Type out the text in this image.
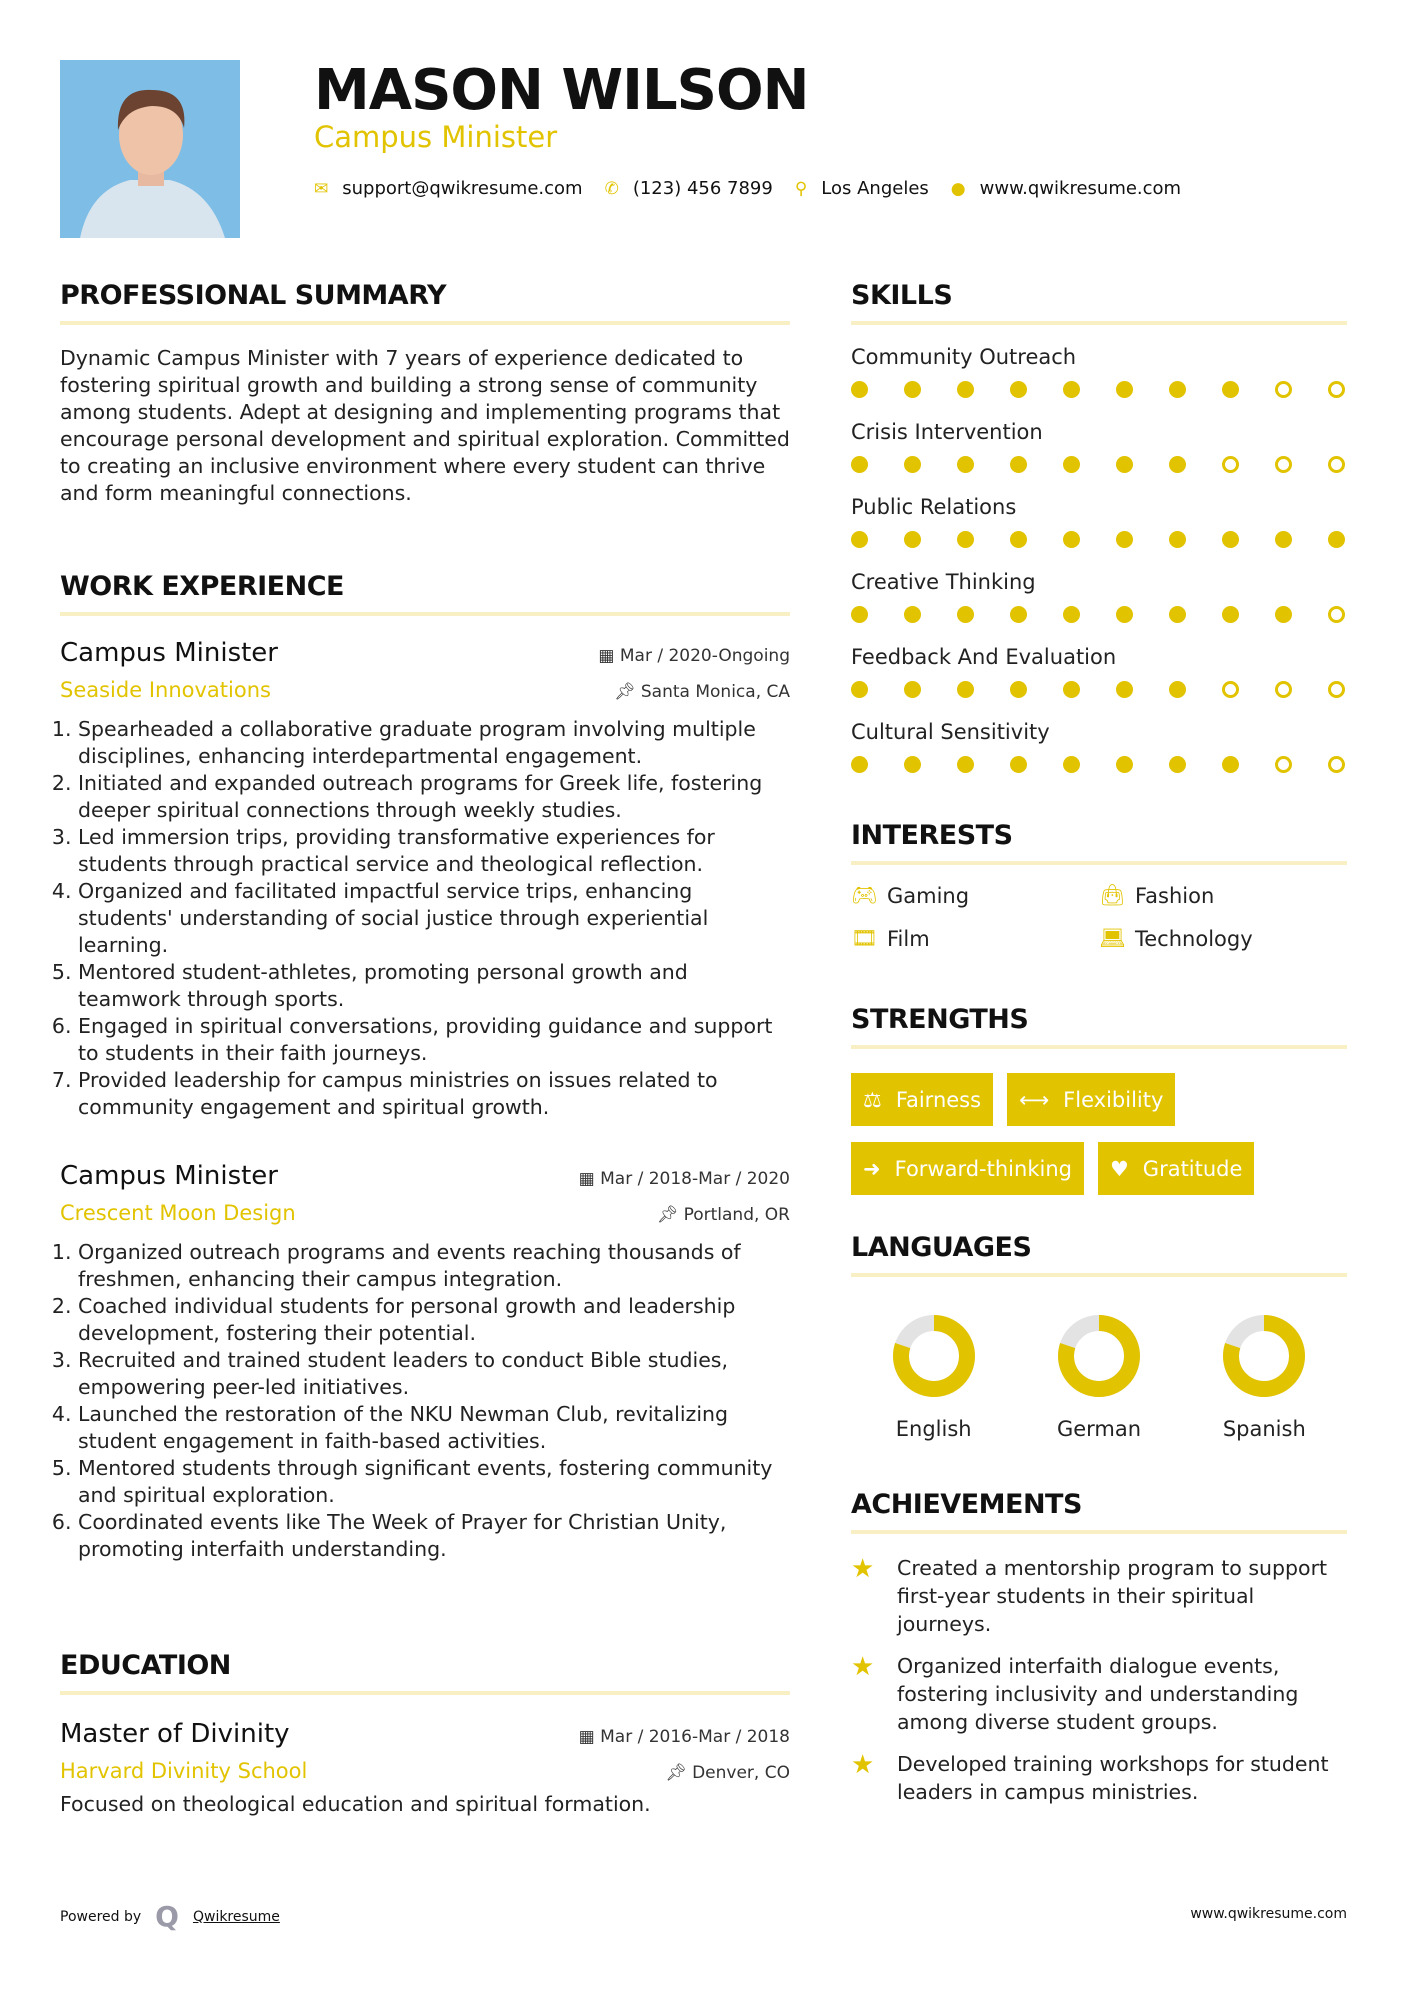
MASON WILSON
Campus Minister
✉ support@qwikresume.com ✆ (123) 456 7899 ⚲ Los Angeles ● www.qwikresume.com
PROFESSIONAL SUMMARY

Dynamic Campus Minister with 7 years of experience dedicated to fostering spiritual growth and building a strong sense of community among students. Adept at designing and implementing programs that encourage personal development and spiritual exploration. Committed to creating an inclusive environment where every student can thrive and form meaningful connections.

WORK EXPERIENCE
Campus Minister	▦ Mar / 2020-Ongoing
Seaside Innovations	📌︎ Santa Monica, CA
1. Spearheaded a collaborative graduate program involving multiple disciplines, enhancing interdepartmental engagement.
2. Initiated and expanded outreach programs for Greek life, fostering deeper spiritual connections through weekly studies.
3. Led immersion trips, providing transformative experiences for students through practical service and theological reflection.
4. Organized and facilitated impactful service trips, enhancing students' understanding of social justice through experiential learning.
5. Mentored student-athletes, promoting personal growth and teamwork through sports.
6. Engaged in spiritual conversations, providing guidance and support to students in their faith journeys.
7. Provided leadership for campus ministries on issues related to community engagement and spiritual growth.
Campus Minister	▦ Mar / 2018-Mar / 2020
Crescent Moon Design	📌︎ Portland, OR
1. Organized outreach programs and events reaching thousands of freshmen, enhancing their campus integration.
2. Coached individual students for personal growth and leadership development, fostering their potential.
3. Recruited and trained student leaders to conduct Bible studies, empowering peer-led initiatives.
4. Launched the restoration of the NKU Newman Club, revitalizing student engagement in faith-based activities.
5. Mentored students through significant events, fostering community and spiritual exploration.
6. Coordinated events like The Week of Prayer for Christian Unity, promoting interfaith understanding.
EDUCATION
Master of Divinity	▦ Mar / 2016-Mar / 2018
Harvard Divinity School	📌︎ Denver, CO

Focused on theological education and spiritual formation.

SKILLS
Community Outreach
Crisis Intervention
Public Relations
Creative Thinking
Feedback And Evaluation
Cultural Sensitivity
INTERESTS
🎮︎ Gaming	👜︎ Fashion
🎞︎ Film	💻︎ Technology
STRENGTHS
⚖ Fairness ⟷ Flexibility
➜ Forward-thinking ♥ Gratitude
LANGUAGES
English	German	Spanish
ACHIEVEMENTS
★	Created a mentorship program to support first-year students in their spiritual journeys.
★	Organized interfaith dialogue events, fostering inclusivity and understanding among diverse student groups.
★	Developed training workshops for student leaders in campus ministries.
Powered by Q Qwikresume	www.qwikresume.com
